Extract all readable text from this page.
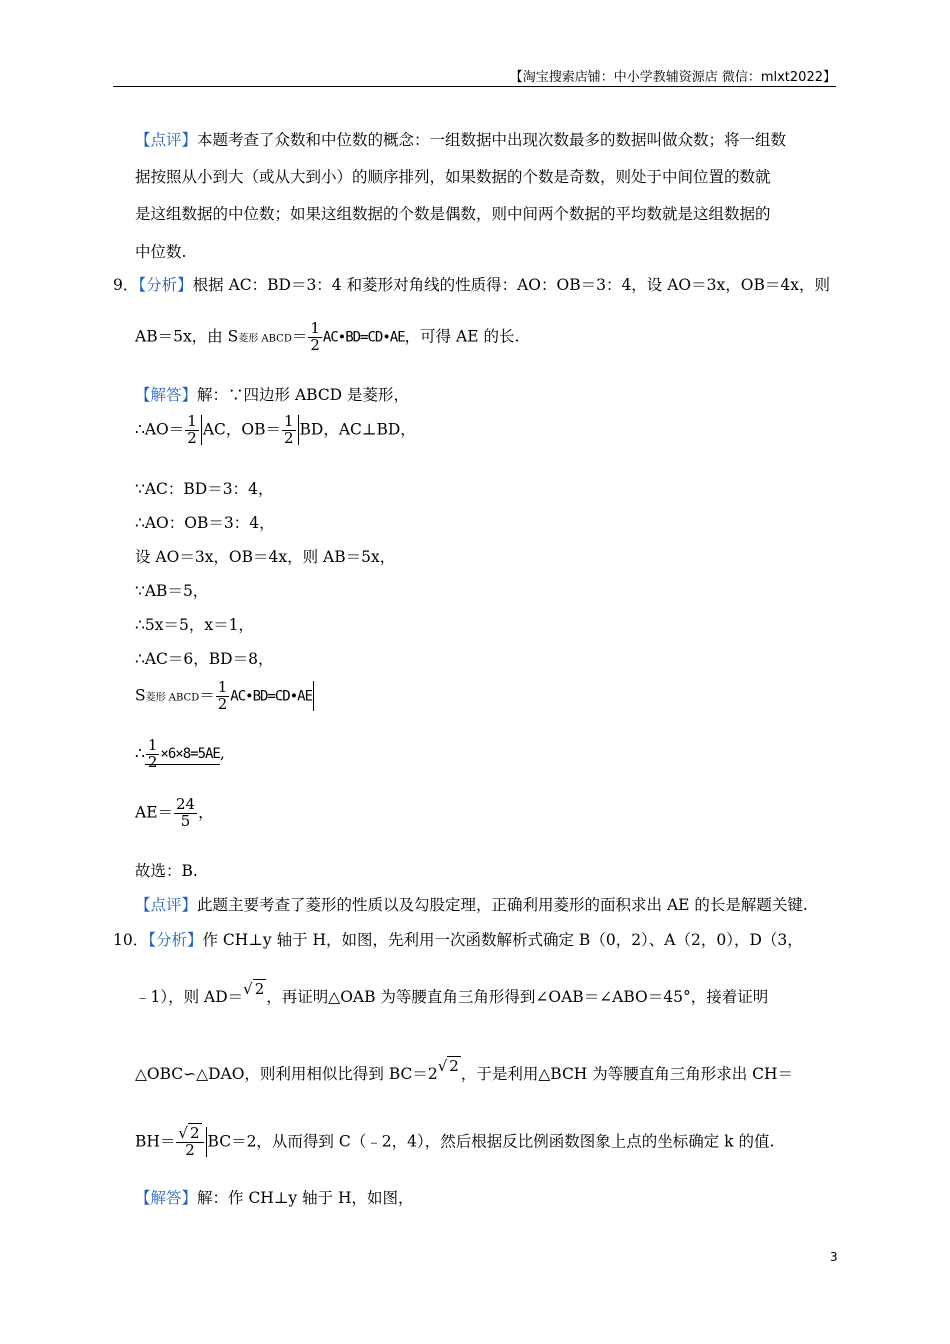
【淘宝搜索店铺：中小学教辅资源店 微信：mlxt2022】
【点评】本题考查了众数和中位数的概念：一组数据中出现次数最多的数据叫做众数；将一组数
据按照从小到大（或从大到小）的顺序排列，如果数据的个数是奇数，则处于中间位置的数就
是这组数据的中位数；如果这组数据的个数是偶数，则中间两个数据的平均数就是这组数据的
中位数.
9．【分析】根据 AC：BD＝3：4 和菱形对角线的性质得：AO：OB＝3：4，设 AO＝3x，OB＝4x，则
AB＝5x，由 S菱形 ABCD＝ $\frac{1}{2}$ AC•BD=CD•AE，可得 AE 的长.
【解答】解：∵四边形 ABCD 是菱形，
∴AO＝ $\frac{1}{2}$ AC，$OB= \frac{1}{2}$ BD，AC⊥BD，
∵AC：BD＝3：4，
∴AO：OB＝3：4，
设 AO＝3x，OB＝4x，则 AB＝5x，
∵AB＝5，
∴5x＝5，x＝1，
∴AC＝6，BD＝8，
S菱形 ABCD＝ $\frac{1}{2}$ AC•BD=CD•AE
∴ $\frac{1}{2} \times 6\times 8=5AE$,
$AE= \frac{24}{5}$ ，
故选：B.
【点评】此题主要考查了菱形的性质以及勾股定理，正确利用菱形的面积求出 AE 的长是解题关键.
10．【分析】作 CH⊥y 轴于 H，如图，先利用一次函数解析式确定 B（0，2）、A（2，0），D（3，
﹣1），则 AD＝√ 2 ，再证明△OAB 为等腰直角三角形得到∠OAB＝∠ABO＝45°，接着证明
△OBC∽△DAO，则利用相似比得到 BC＝2√ 2 ，于是利用△BCH 为等腰直角三角形求出 CH＝
$BH= \frac{√ 2}{2} BC=2$，从而得到 C（﹣2，4），然后根据反比例函数图象上点的坐标确定 k 的值.
【解答】解：作 CH⊥y 轴于 H，如图，
3
